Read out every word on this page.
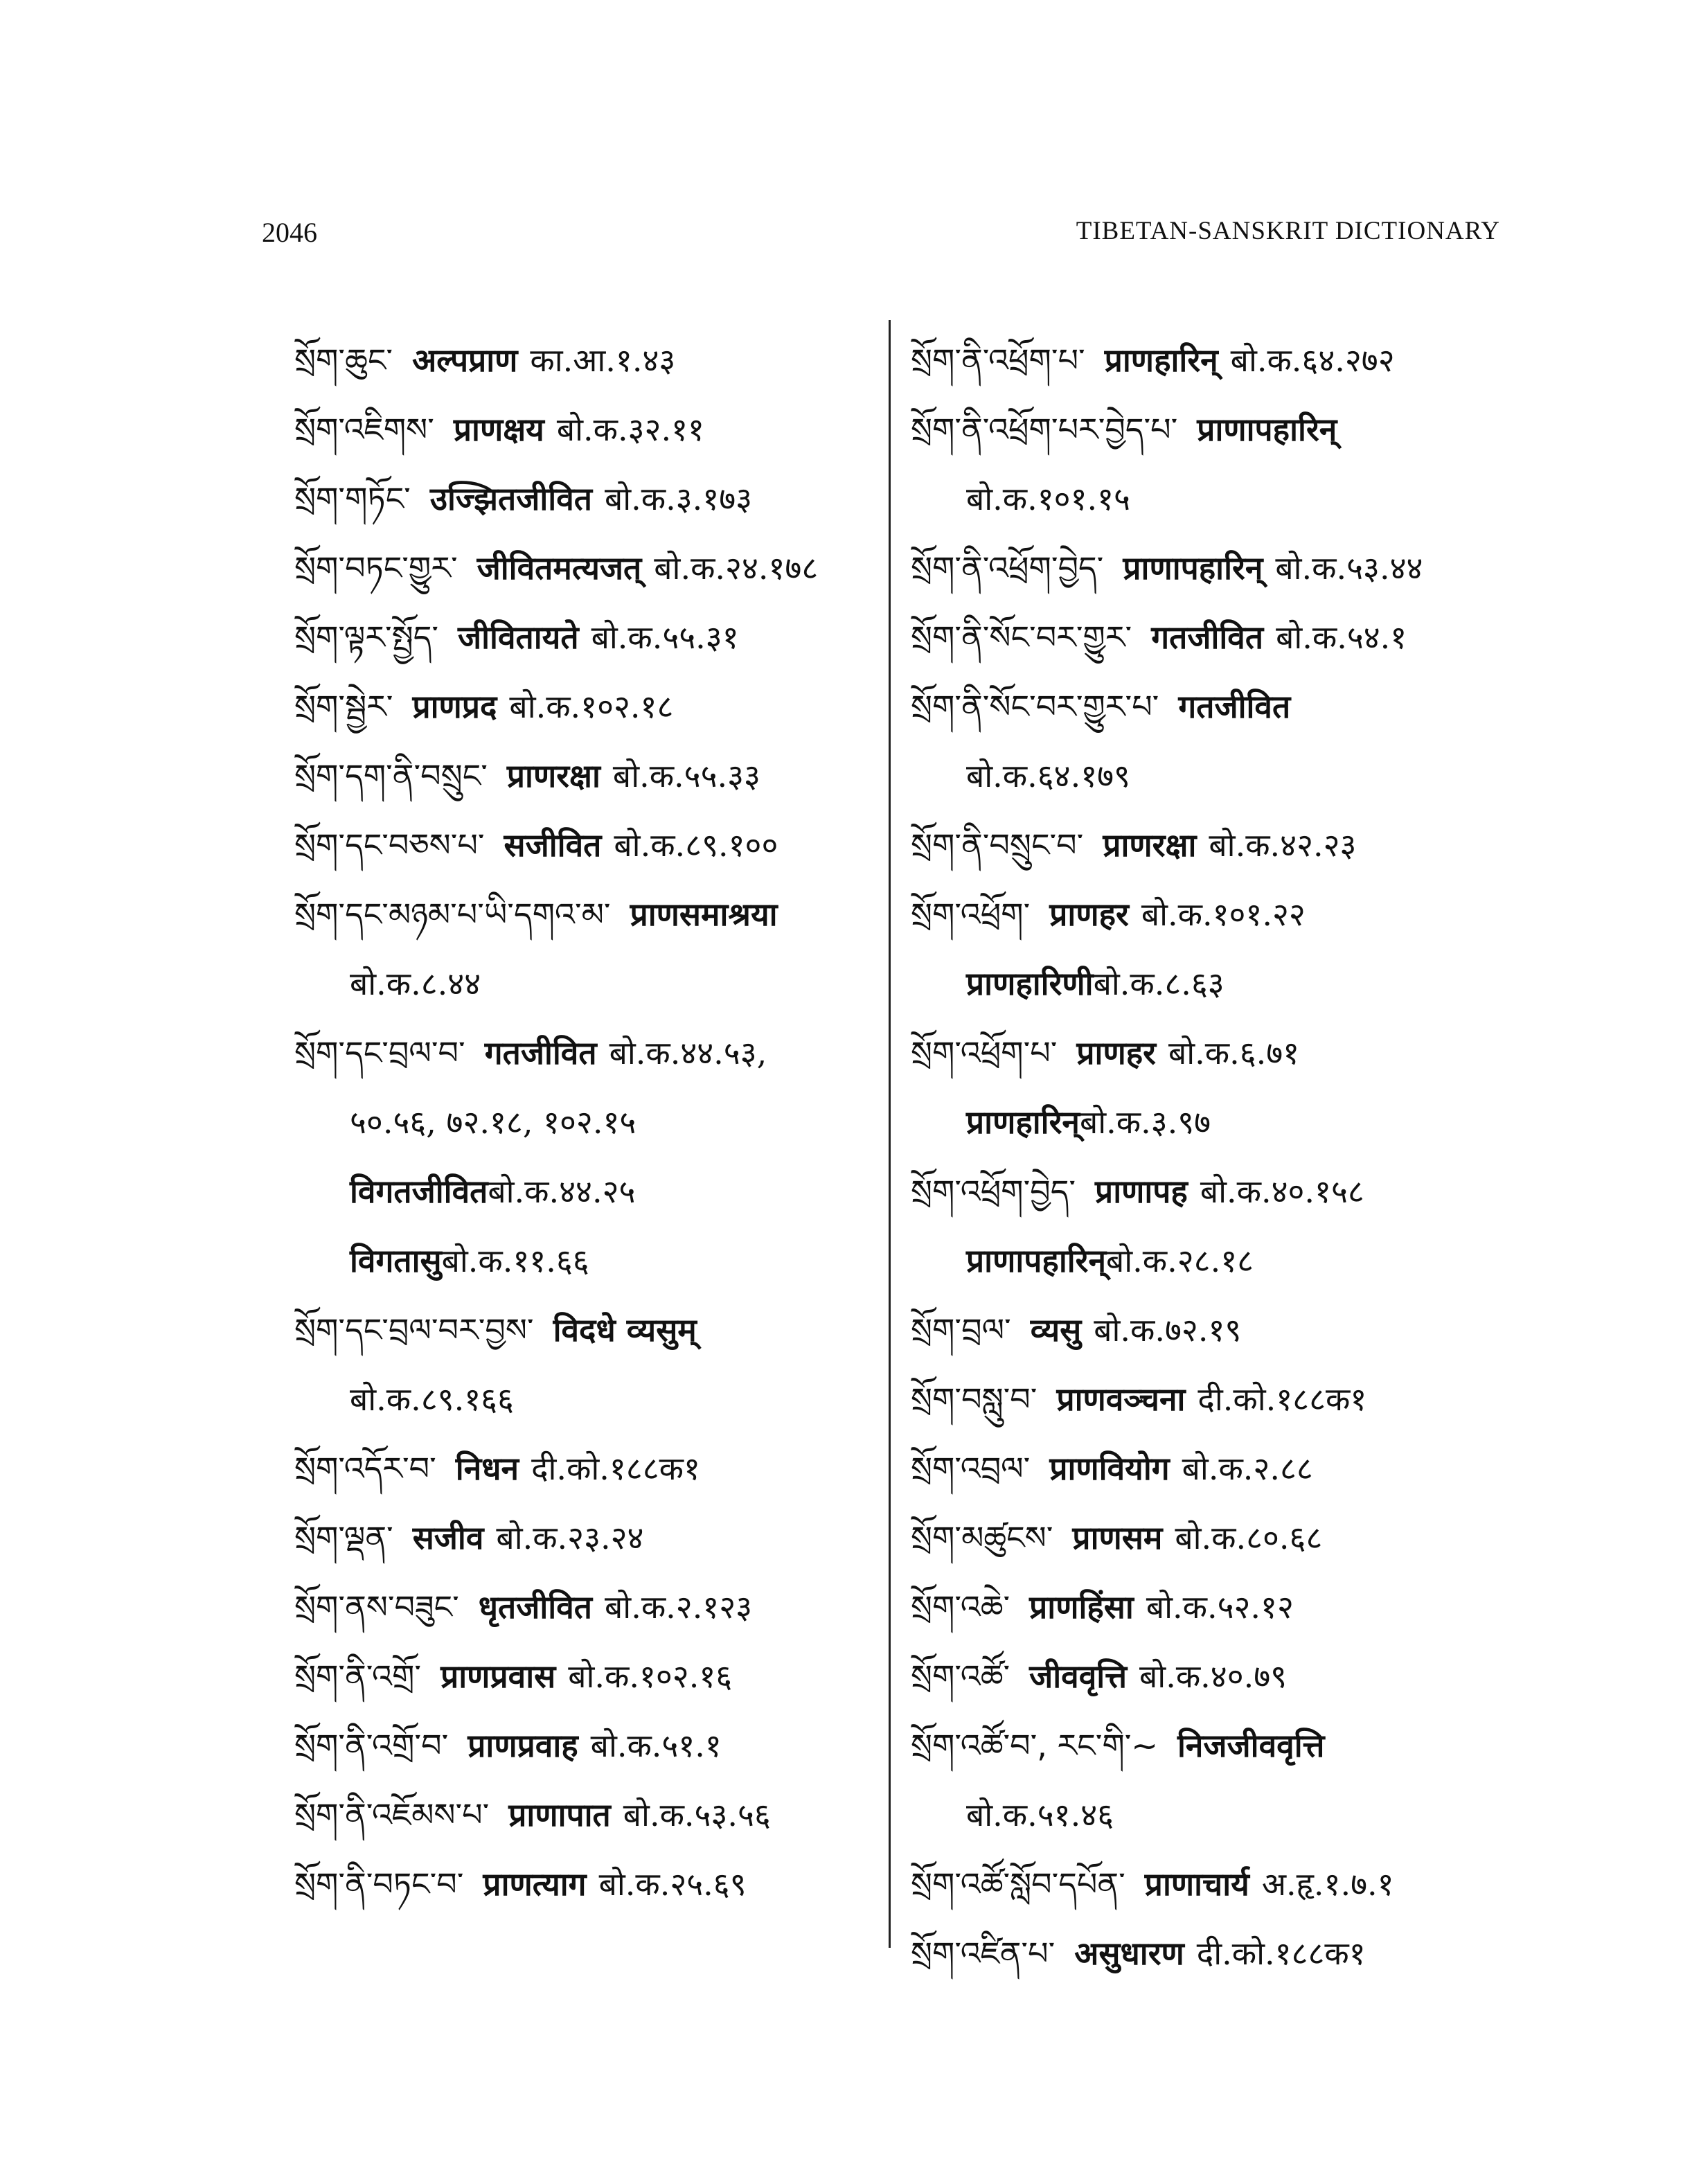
2046	TIBETAN-SANSKRIT DICTIONARY
སྲོག་ཆུང་ अल्पप्राण का.आ.१.४३
སྲོག་འཇིགས་ प्राणक्षय बो.क.३२.११
སྲོག་གཏོང་ उज्झितजीवित बो.क.३.१७३
སྲོག་བཏང་གྱུར་ जीवितमत्यजत् बो.क.२४.१७८
སྲོག་ལྟར་སྤྱོད་ जीवितायते बो.क.५५.३१
སྲོག་སྦྱེར་ प्राणप्रद बो.क.१०२.१८
སྲོག་དག་ནི་བསྲུང་ प्राणरक्षा बो.क.५५.३३
སྲོག་དང་བཅས་པ་ सजीवित बो.क.८९.१००
སྲོག་དང་མཉམ་པ་ཡི་དགའ་མ་ प्राणसमाश्रया
बो.क.८.४४
སྲོག་དང་བྲལ་བ་ गतजीवित बो.क.४४.५३,
५०.५६, ७२.१८, १०२.१५
विगतजीवितबो.क.४४.२५
विगतासुबो.क.११.६६
སྲོག་དང་བྲལ་བར་བྱས་ विदधे व्यसुम्
बो.क.८९.१६६
སྲོག་འདོར་བ་ निधन दी.को.१८८क१
སྲོག་ལྡན་ सजीव बो.क.२३.२४
སྲོག་ནས་བཟུང་ धृतजीवित बो.क.२.१२३
སྲོག་ནི་འགྲོ་ प्राणप्रवास बो.क.१०२.१६
སྲོག་ནི་འགྲོ་བ་ प्राणप्रवाह बो.क.५१.१
སྲོག་ནི་འཇོམས་པ་ प्राणापात बो.क.५३.५६
སྲོག་ནི་བཏང་བ་ प्राणत्याग बो.क.२५.६९
སྲོག་ནི་འཕྲོག་པ་ प्राणहारिन् बो.क.६४.२७२
སྲོག་ནི་འཕྲོག་པར་བྱེད་པ་ प्राणापहारिन्
बो.क.१०१.१५
སྲོག་ནི་འཕྲོག་བྱེད་ प्राणापहारिन् बो.क.५३.४४
སྲོག་ནི་སོང་བར་གྱུར་ गतजीवित बो.क.५४.१
སྲོག་ནི་སོང་བར་གྱུར་པ་ गतजीवित
बो.क.६४.१७९
སྲོག་ནི་བསྲུང་བ་ प्राणरक्षा बो.क.४२.२३
སྲོག་འཕྲོག་ प्राणहर बो.क.१०१.२२
प्राणहारिणीबो.क.८.६३
སྲོག་འཕྲོག་པ་ प्राणहर बो.क.६.७१
प्राणहारिन्बो.क.३.९७
སྲོག་འཕྲོག་བྱེད་ प्राणापह बो.क.४०.१५८
प्राणापहारिन्बो.क.२८.१८
སྲོག་བྲལ་ व्यसु बो.क.७२.१९
སྲོག་བསླུ་བ་ प्राणवञ्चना दी.को.१८८क१
སྲོག་འབྲལ་ प्राणवियोग बो.क.२.८८
སྲོག་མཚུངས་ प्राणसम बो.क.८०.६८
སྲོག་འཆེ་ प्राणहिंसा बो.क.५२.१२
སྲོག་འཚོ་ जीववृत्ति बो.क.४०.७९
སྲོག་འཚོ་བ་, རང་གི་~ निजजीववृत्ति
बो.क.५१.४६
སྲོག་འཚོ་སློབ་དཔོན་ प्राणाचार्य अ.हृ.१.७.१
སྲོག་འཛིན་པ་ असुधारण दी.को.१८८क१
